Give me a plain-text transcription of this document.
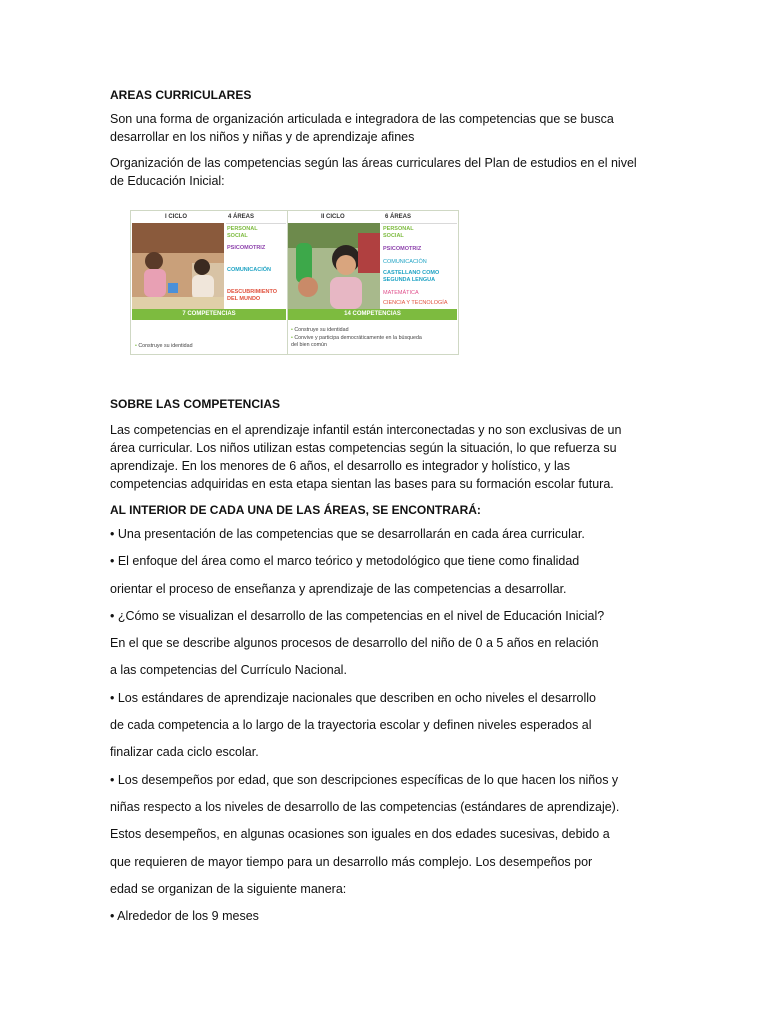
AREAS CURRICULARES

Son una forma de organización articulada e integradora de las competencias que se busca

desarrollar en los niños y niñas y de aprendizaje afines

Organización de las competencias según las áreas curriculares del Plan de estudios en el nivel

de Educación Inicial:

I CICLO	4 ÁREAS
PERSONAL
SOCIAL
PSICOMOTRIZ
COMUNICACIÓN
DESCUBRIMIENTO
DEL MUNDO
7 COMPETENCIAS
• Construye su identidad
II CICLO	6 ÁREAS
PERSONAL
SOCIAL
PSICOMOTRIZ
COMUNICACIÓN
CASTELLANO COMO
SEGUNDA LENGUA
MATEMÁTICA
CIENCIA Y TECNOLOGÍA
14 COMPETENCIAS
• Construye su identidad
• Convive y participa democráticamente en la búsqueda
del bien común

SOBRE LAS COMPETENCIAS

Las competencias en el aprendizaje infantil están interconectadas y no son exclusivas de un

área curricular. Los niños utilizan estas competencias según la situación, lo que refuerza su

aprendizaje. En los menores de 6 años, el desarrollo es integrador y holístico, y las

competencias adquiridas en esta etapa sientan las bases para su formación escolar futura.

AL INTERIOR DE CADA UNA DE LAS ÁREAS, SE ENCONTRARÁ:

• Una presentación de las competencias que se desarrollarán en cada área curricular.

• El enfoque del área como el marco teórico y metodológico que tiene como finalidad

orientar el proceso de enseñanza y aprendizaje de las competencias a desarrollar.

• ¿Cómo se visualizan el desarrollo de las competencias en el nivel de Educación Inicial?

En el que se describe algunos procesos de desarrollo del niño de 0 a 5 años en relación

a las competencias del Currículo Nacional.

• Los estándares de aprendizaje nacionales que describen en ocho niveles el desarrollo

de cada competencia a lo largo de la trayectoria escolar y definen niveles esperados al

finalizar cada ciclo escolar.

• Los desempeños por edad, que son descripciones específicas de lo que hacen los niños y

niñas respecto a los niveles de desarrollo de las competencias (estándares de aprendizaje).

Estos desempeños, en algunas ocasiones son iguales en dos edades sucesivas, debido a

que requieren de mayor tiempo para un desarrollo más complejo. Los desempeños por

edad se organizan de la siguiente manera:

• Alrededor de los 9 meses
